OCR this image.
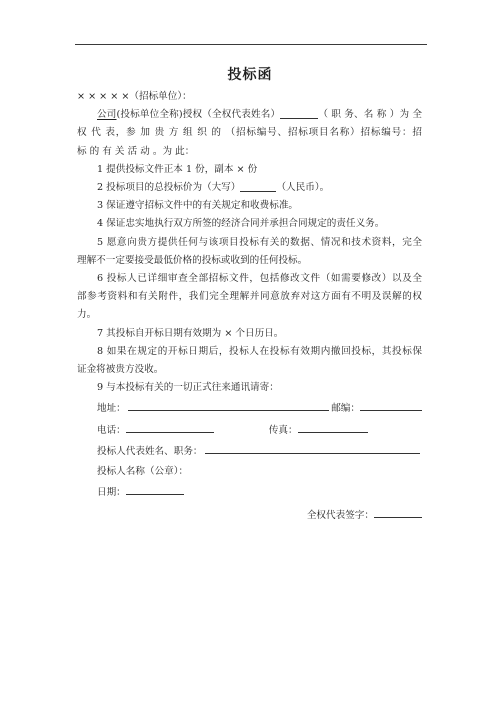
投标函

× × × × ×（招标单位）：

公司(投标单位全称)授权（全权代表姓名）	（ 职 务、名 称 ）为 全

权 代 表，参 加 贵 方 组 织 的 （招标编号、招标项目名称）招标编号：招

标 的 有 关 活 动 。为 此：

1 提供投标文件正本 1 份，副本 × 份

2 投标项目的总投标价为（大写）	（人民币）。

3 保证遵守招标文件中的有关规定和收费标准。

4 保证忠实地执行双方所签的经济合同并承担合同规定的责任义务。

5 愿意向贵方提供任何与该项目投标有关的数据、情况和技术资料，完全

理解不一定要接受最低价格的投标或收到的任何投标。

6 投标人已详细审查全部招标文件，包括修改文件（如需要修改）以及全

部参考资料和有关附件，我们完全理解并同意放弃对这方面有不明及误解的权

力。

7 其投标自开标日期有效期为 × 个日历日。

8 如果在规定的开标日期后，投标人在投标有效期内撤回投标，其投标保

证金将被贵方没收。

9 与本投标有关的一切正式往来通讯请寄：

地址：	邮编：
电话：	传真：
投标人代表姓名、职务：
投标人名称（公章）：
日期：
全权代表签字：
